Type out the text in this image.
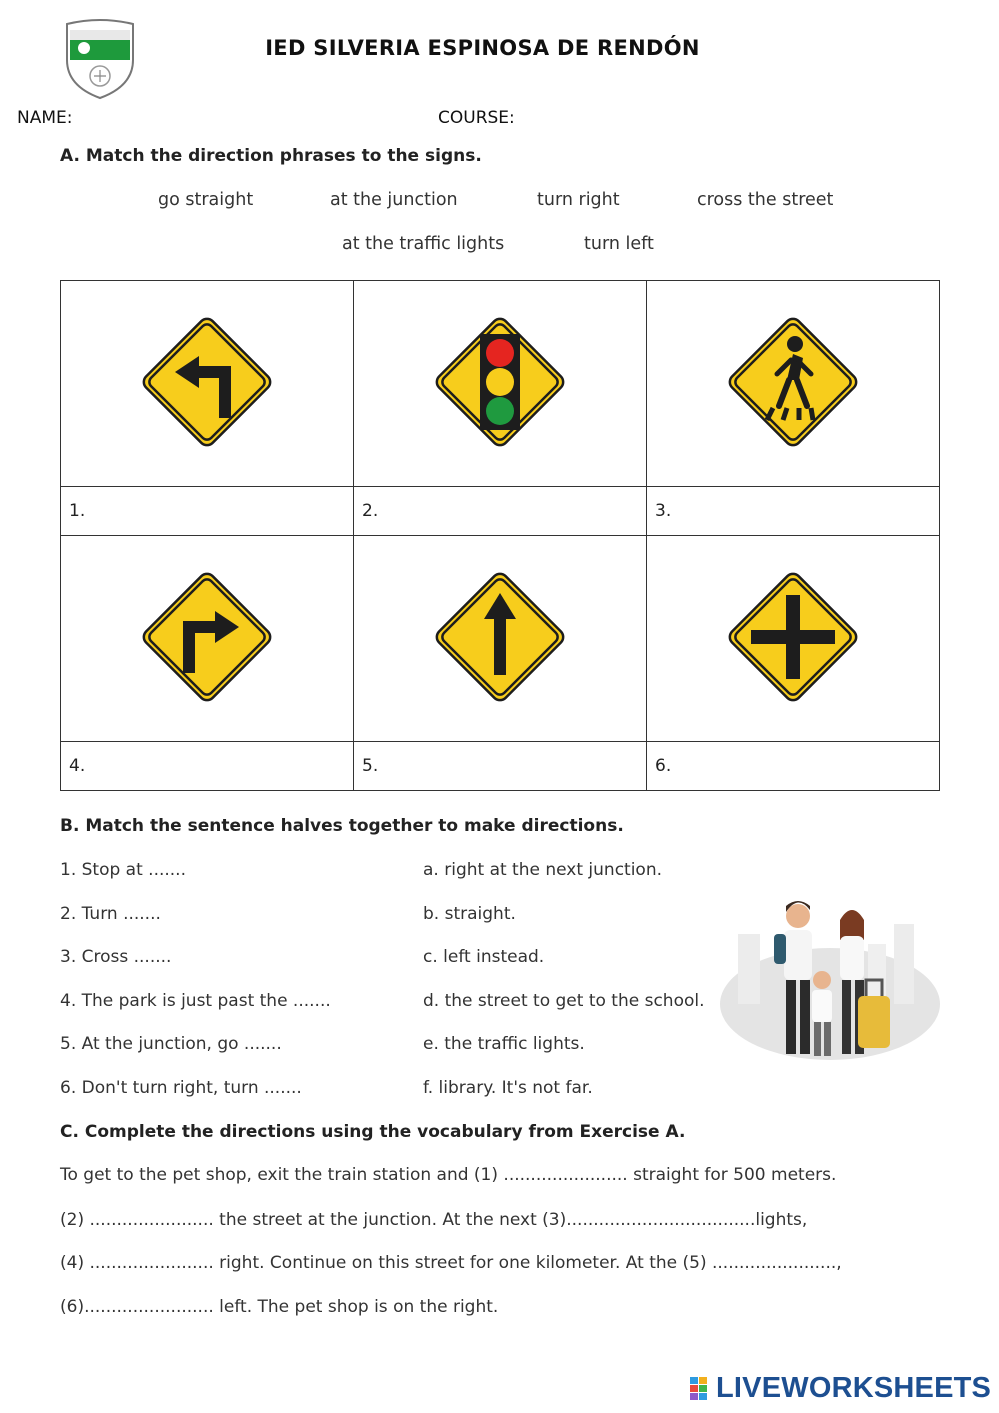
IED SILVERIA ESPINOSA DE RENDÓN
NAME:	COURSE:
A. Match the direction phrases to the signs.
go straight	at the junction	turn right	cross the street
at the traffic lights	turn left

1.	2.	3.

4.	5.	6.
B. Match the sentence halves together to make directions.
1. Stop at .......
2. Turn .......
3. Cross .......
4. The park is just past the .......
5. At the junction, go .......
6. Don't turn right, turn .......
a. right at the next junction.
b. straight.
c. left instead.
d. the street to get to the school.
e. the traffic lights.
f. library. It's not far.
C. Complete the directions using the vocabulary from Exercise A.
To get to the pet shop, exit the train station and (1) ....................... straight for 500 meters.
(2) ....................... the street at the junction. At the next (3)...................................lights,
(4) ....................... right. Continue on this street for one kilometer. At the (5) .......................,
(6)........................ left. The pet shop is on the right.
LIVEWORKSHEETS
